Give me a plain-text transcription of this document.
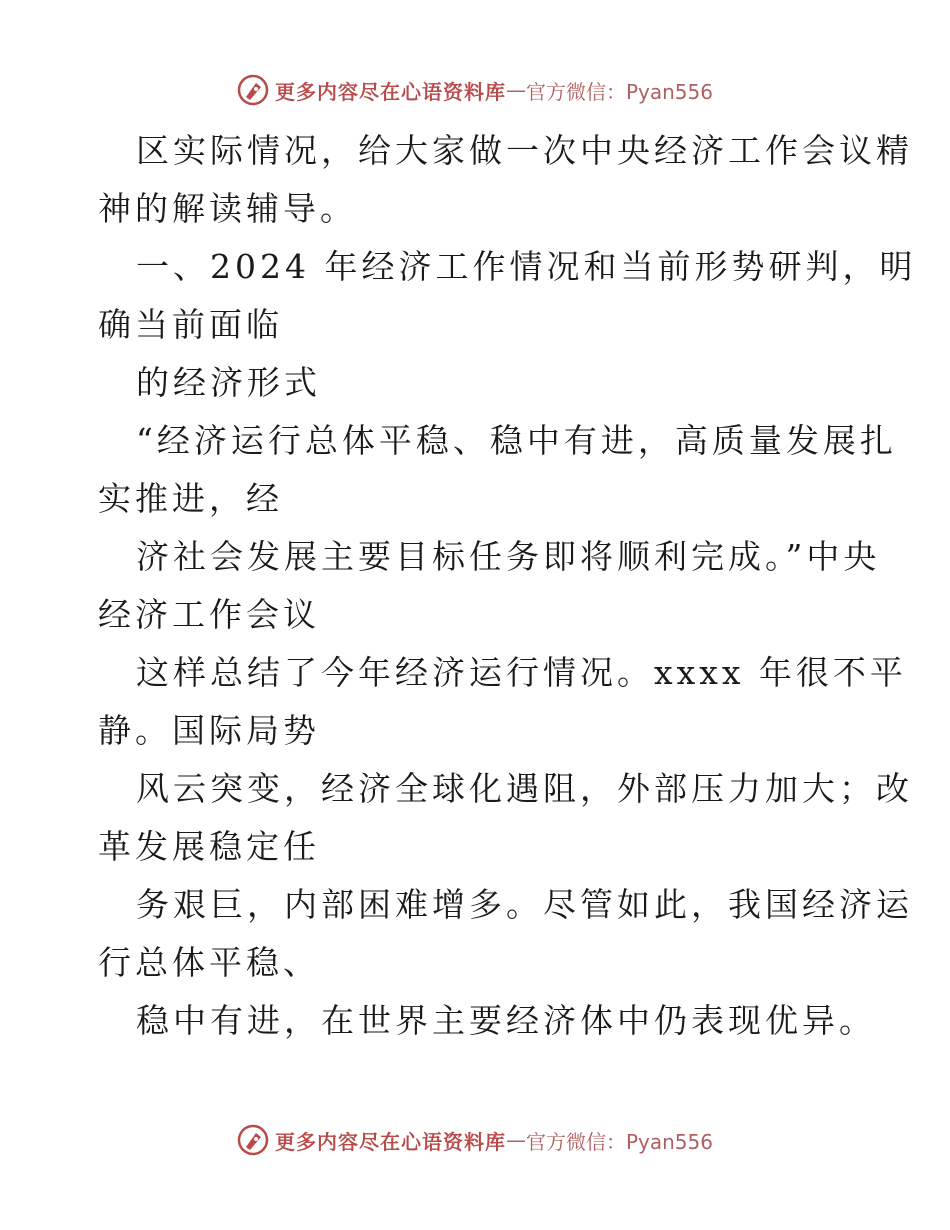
更多内容尽在心语资料库 — 官方微信：Pyan556
区实际情况，给大家做一次中央经济工作会议精
神的解读辅导。
一、2024 年经济工作情况和当前形势研判，明
确当前面临
的经济形式
“经济运行总体平稳、稳中有进，高质量发展扎
实推进，经
济社会发展主要目标任务即将顺利完成。”中央
经济工作会议
这样总结了今年经济运行情况。xxxx 年很不平
静。国际局势
风云突变，经济全球化遇阻，外部压力加大；改
革发展稳定任
务艰巨，内部困难增多。尽管如此，我国经济运
行总体平稳、
稳中有进，在世界主要经济体中仍表现优异。
更多内容尽在心语资料库 — 官方微信：Pyan556
